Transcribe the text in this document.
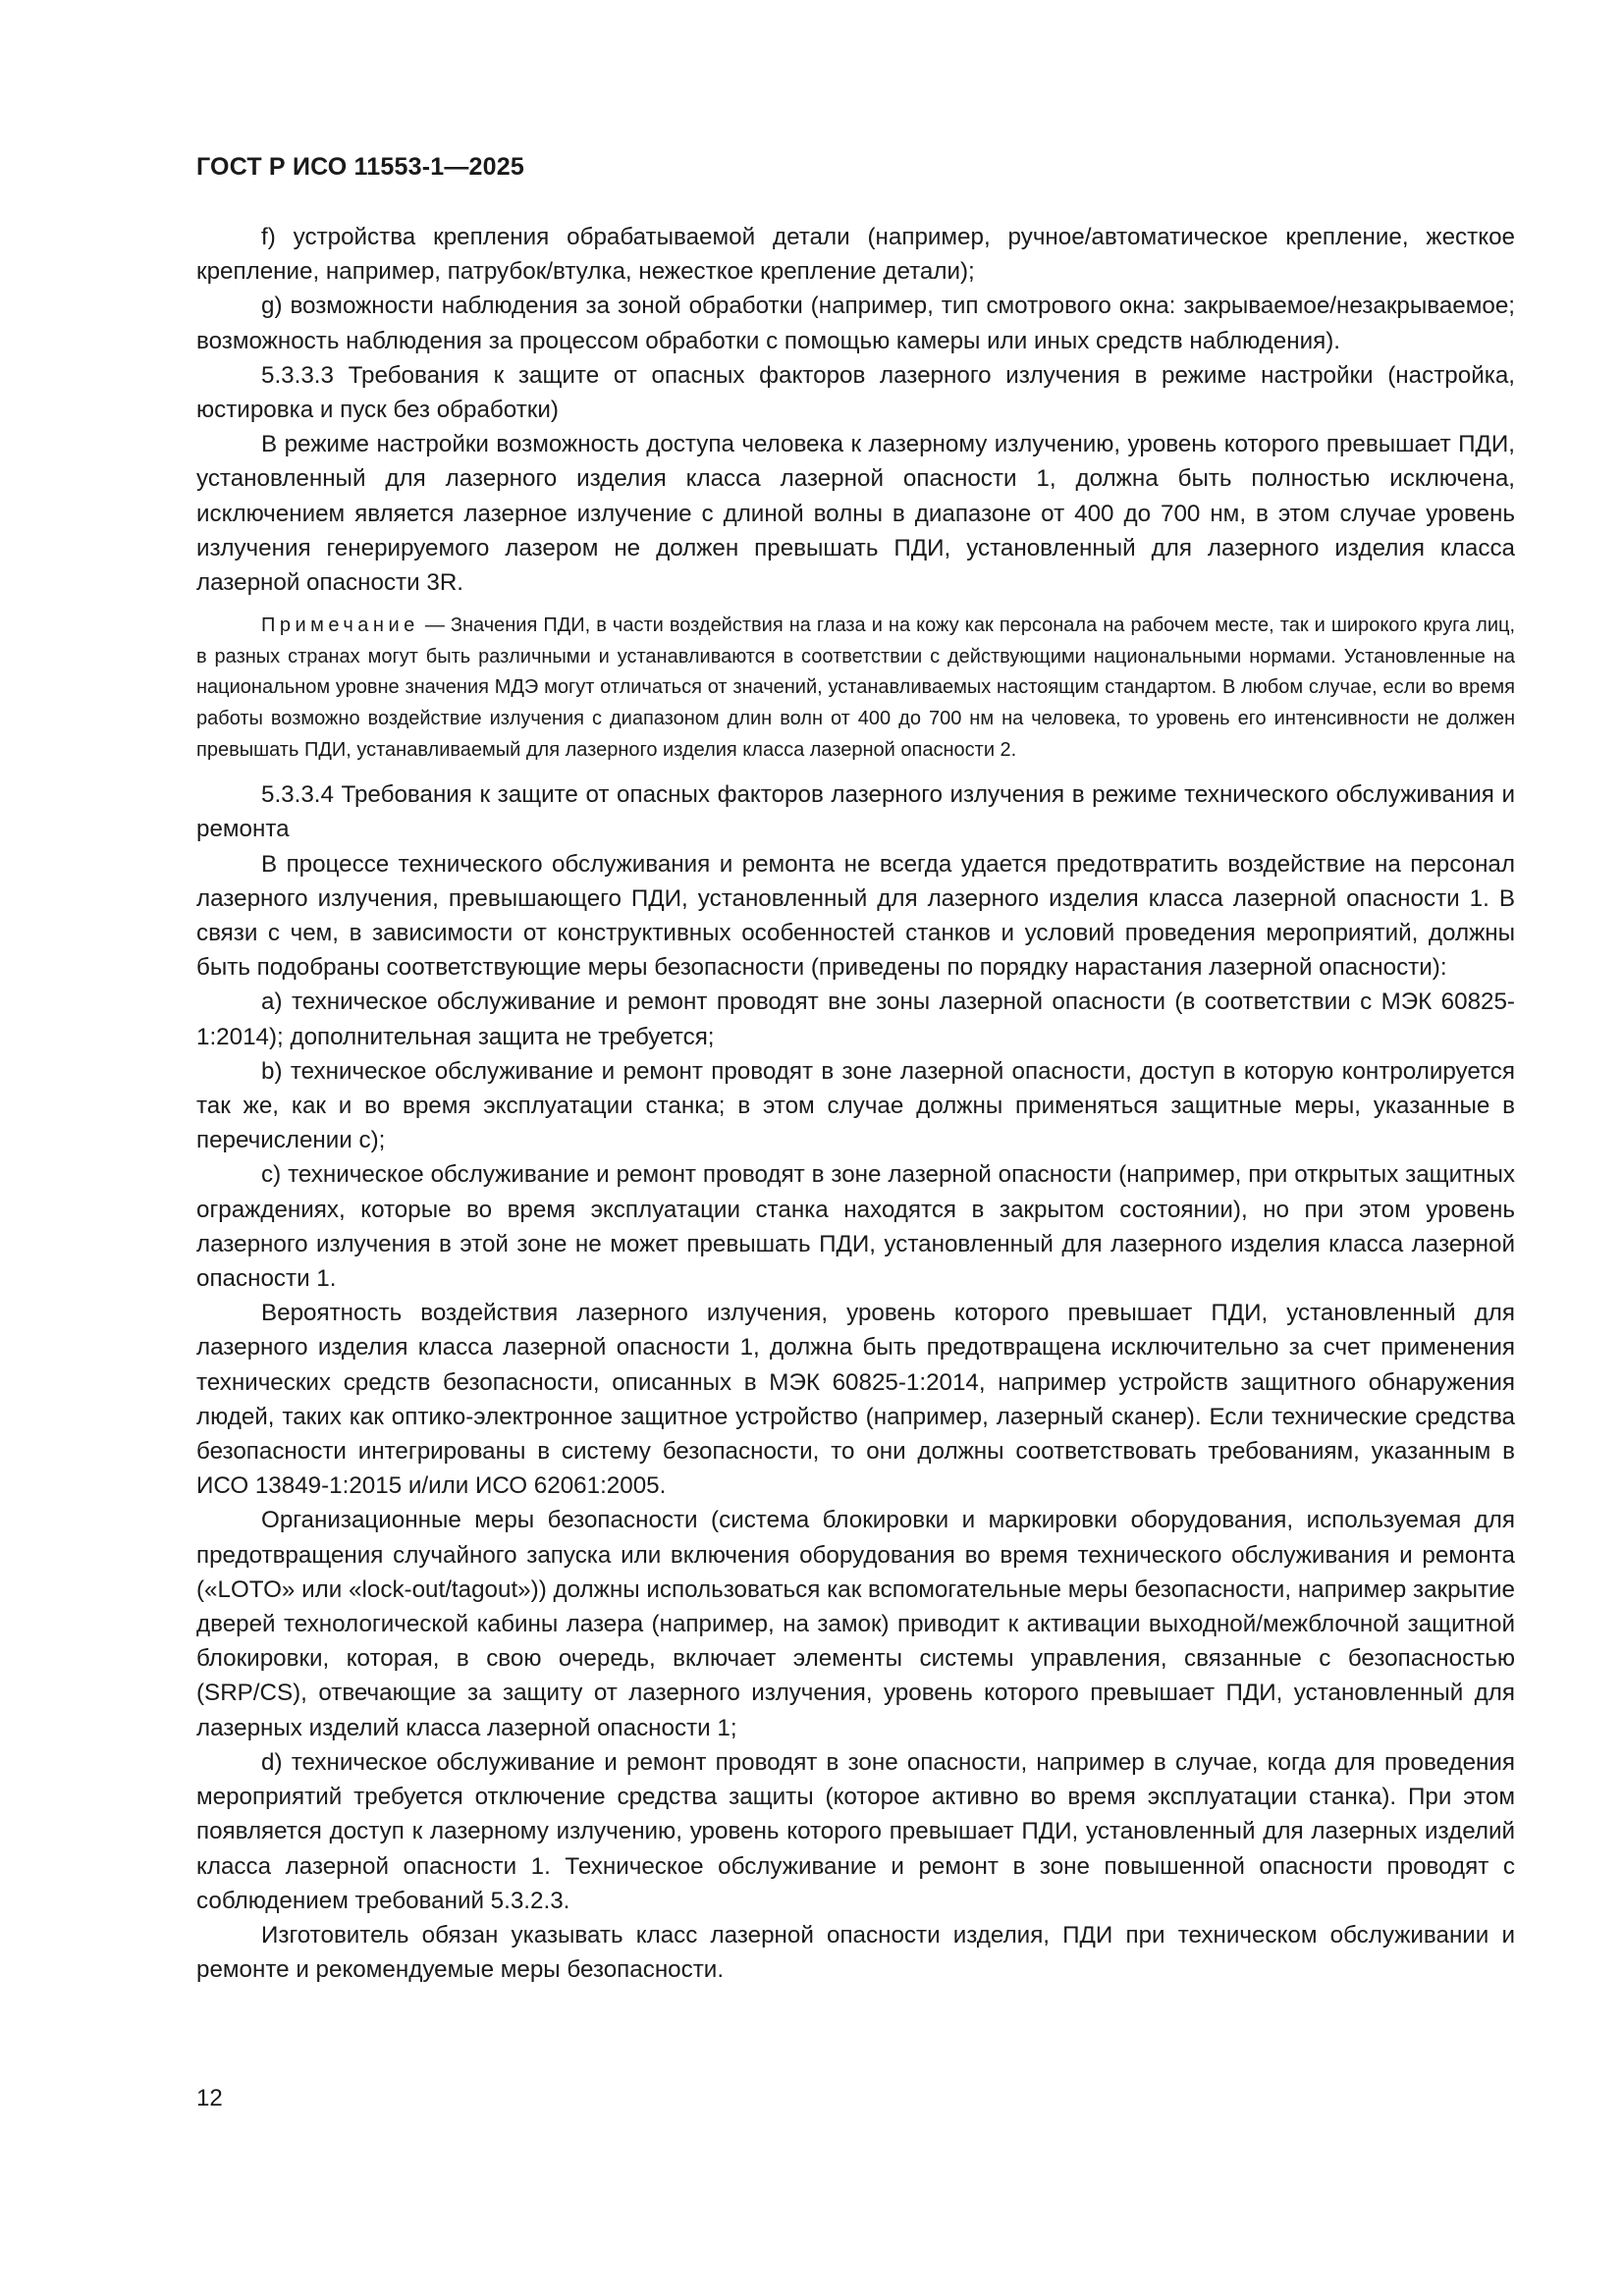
ГОСТ Р ИСО 11553-1—2025

f) устройства крепления обрабатываемой детали (например, ручное/автоматическое крепление, жесткое крепление, например, патрубок/втулка, нежесткое крепление детали);

g) возможности наблюдения за зоной обработки (например, тип смотрового окна: закрываемое/незакрываемое; возможность наблюдения за процессом обработки с помощью камеры или иных средств наблюдения).

5.3.3.3 Требования к защите от опасных факторов лазерного излучения в режиме настройки (настройка, юстировка и пуск без обработки)

В режиме настройки возможность доступа человека к лазерному излучению, уровень которого превышает ПДИ, установленный для лазерного изделия класса лазерной опасности 1, должна быть полностью исключена, исключением является лазерное излучение с длиной волны в диапазоне от 400 до 700 нм, в этом случае уровень излучения генерируемого лазером не должен превышать ПДИ, установленный для лазерного изделия класса лазерной опасности 3R.

Примечание — Значения ПДИ, в части воздействия на глаза и на кожу как персонала на рабочем месте, так и широкого круга лиц, в разных странах могут быть различными и устанавливаются в соответствии с действующими национальными нормами. Установленные на национальном уровне значения МДЭ могут отличаться от значений, устанавливаемых настоящим стандартом. В любом случае, если во время работы возможно воздействие излучения с диапазоном длин волн от 400 до 700 нм на человека, то уровень его интенсивности не должен превышать ПДИ, устанавливаемый для лазерного изделия класса лазерной опасности 2.

5.3.3.4 Требования к защите от опасных факторов лазерного излучения в режиме технического обслуживания и ремонта

В процессе технического обслуживания и ремонта не всегда удается предотвратить воздействие на персонал лазерного излучения, превышающего ПДИ, установленный для лазерного изделия класса лазерной опасности 1. В связи с чем, в зависимости от конструктивных особенностей станков и условий проведения мероприятий, должны быть подобраны соответствующие меры безопасности (приведены по порядку нарастания лазерной опасности):

a) техническое обслуживание и ремонт проводят вне зоны лазерной опасности (в соответствии с МЭК 60825-1:2014); дополнительная защита не требуется;

b) техническое обслуживание и ремонт проводят в зоне лазерной опасности, доступ в которую контролируется так же, как и во время эксплуатации станка; в этом случае должны применяться защитные меры, указанные в перечислении с);

c) техническое обслуживание и ремонт проводят в зоне лазерной опасности (например, при открытых защитных ограждениях, которые во время эксплуатации станка находятся в закрытом состоянии), но при этом уровень лазерного излучения в этой зоне не может превышать ПДИ, установленный для лазерного изделия класса лазерной опасности 1.

Вероятность воздействия лазерного излучения, уровень которого превышает ПДИ, установленный для лазерного изделия класса лазерной опасности 1, должна быть предотвращена исключительно за счет применения технических средств безопасности, описанных в МЭК 60825-1:2014, например устройств защитного обнаружения людей, таких как оптико-электронное защитное устройство (например, лазерный сканер). Если технические средства безопасности интегрированы в систему безопасности, то они должны соответствовать требованиям, указанным в ИСО 13849-1:2015 и/или ИСО 62061:2005.

Организационные меры безопасности (система блокировки и маркировки оборудования, используемая для предотвращения случайного запуска или включения оборудования во время технического обслуживания и ремонта («LOTO» или «lock-out/tagout»)) должны использоваться как вспомогательные меры безопасности, например закрытие дверей технологической кабины лазера (например, на замок) приводит к активации выходной/межблочной защитной блокировки, которая, в свою очередь, включает элементы системы управления, связанные с безопасностью (SRP/CS), отвечающие за защиту от лазерного излучения, уровень которого превышает ПДИ, установленный для лазерных изделий класса лазерной опасности 1;

d) техническое обслуживание и ремонт проводят в зоне опасности, например в случае, когда для проведения мероприятий требуется отключение средства защиты (которое активно во время эксплуатации станка). При этом появляется доступ к лазерному излучению, уровень которого превышает ПДИ, установленный для лазерных изделий класса лазерной опасности 1. Техническое обслуживание и ремонт в зоне повышенной опасности проводят с соблюдением требований 5.3.2.3.

Изготовитель обязан указывать класс лазерной опасности изделия, ПДИ при техническом обслуживании и ремонте и рекомендуемые меры безопасности.

12
